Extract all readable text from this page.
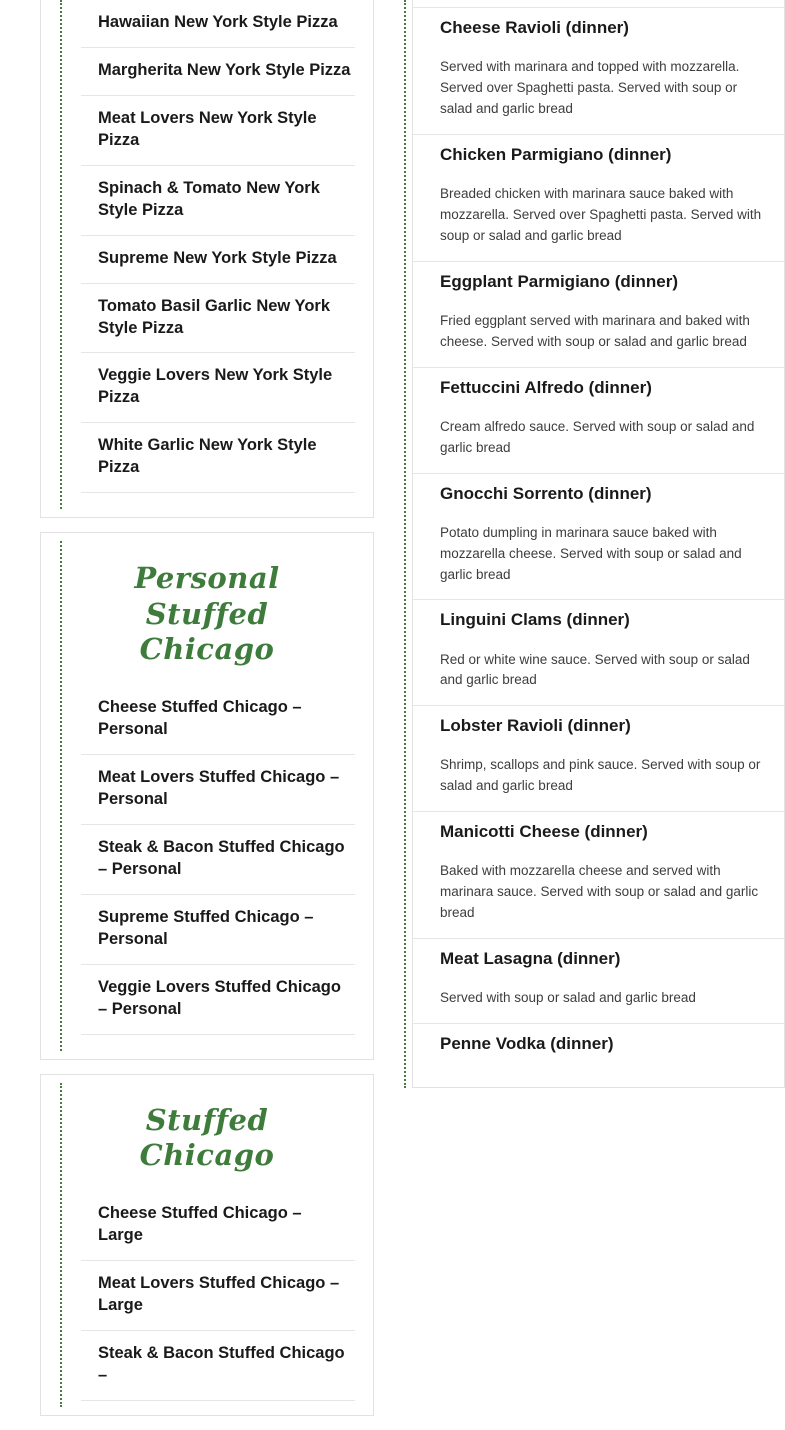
Hawaiian New York Style Pizza
Margherita New York Style Pizza
Meat Lovers New York Style Pizza
Spinach & Tomato New York Style Pizza
Supreme New York Style Pizza
Tomato Basil Garlic New York Style Pizza
Veggie Lovers New York Style Pizza
White Garlic New York Style Pizza
Personal Stuffed Chicago
Cheese Stuffed Chicago – Personal
Meat Lovers Stuffed Chicago – Personal
Steak & Bacon Stuffed Chicago – Personal
Supreme Stuffed Chicago – Personal
Veggie Lovers Stuffed Chicago – Personal
Stuffed Chicago
Cheese Stuffed Chicago – Large
Meat Lovers Stuffed Chicago – Large
Steak & Bacon Stuffed Chicago –
Cheese Ravioli (dinner)
Served with marinara and topped with mozzarella. Served over Spaghetti pasta. Served with soup or salad and garlic bread
Chicken Parmigiano (dinner)
Breaded chicken with marinara sauce baked with mozzarella. Served over Spaghetti pasta. Served with soup or salad and garlic bread
Eggplant Parmigiano (dinner)
Fried eggplant served with marinara and baked with cheese. Served with soup or salad and garlic bread
Fettuccini Alfredo (dinner)
Cream alfredo sauce. Served with soup or salad and garlic bread
Gnocchi Sorrento (dinner)
Potato dumpling in marinara sauce baked with mozzarella cheese. Served with soup or salad and garlic bread
Linguini Clams (dinner)
Red or white wine sauce. Served with soup or salad and garlic bread
Lobster Ravioli (dinner)
Shrimp, scallops and pink sauce. Served with soup or salad and garlic bread
Manicotti Cheese (dinner)
Baked with mozzarella cheese and served with marinara sauce. Served with soup or salad and garlic bread
Meat Lasagna (dinner)
Served with soup or salad and garlic bread
Penne Vodka (dinner)
